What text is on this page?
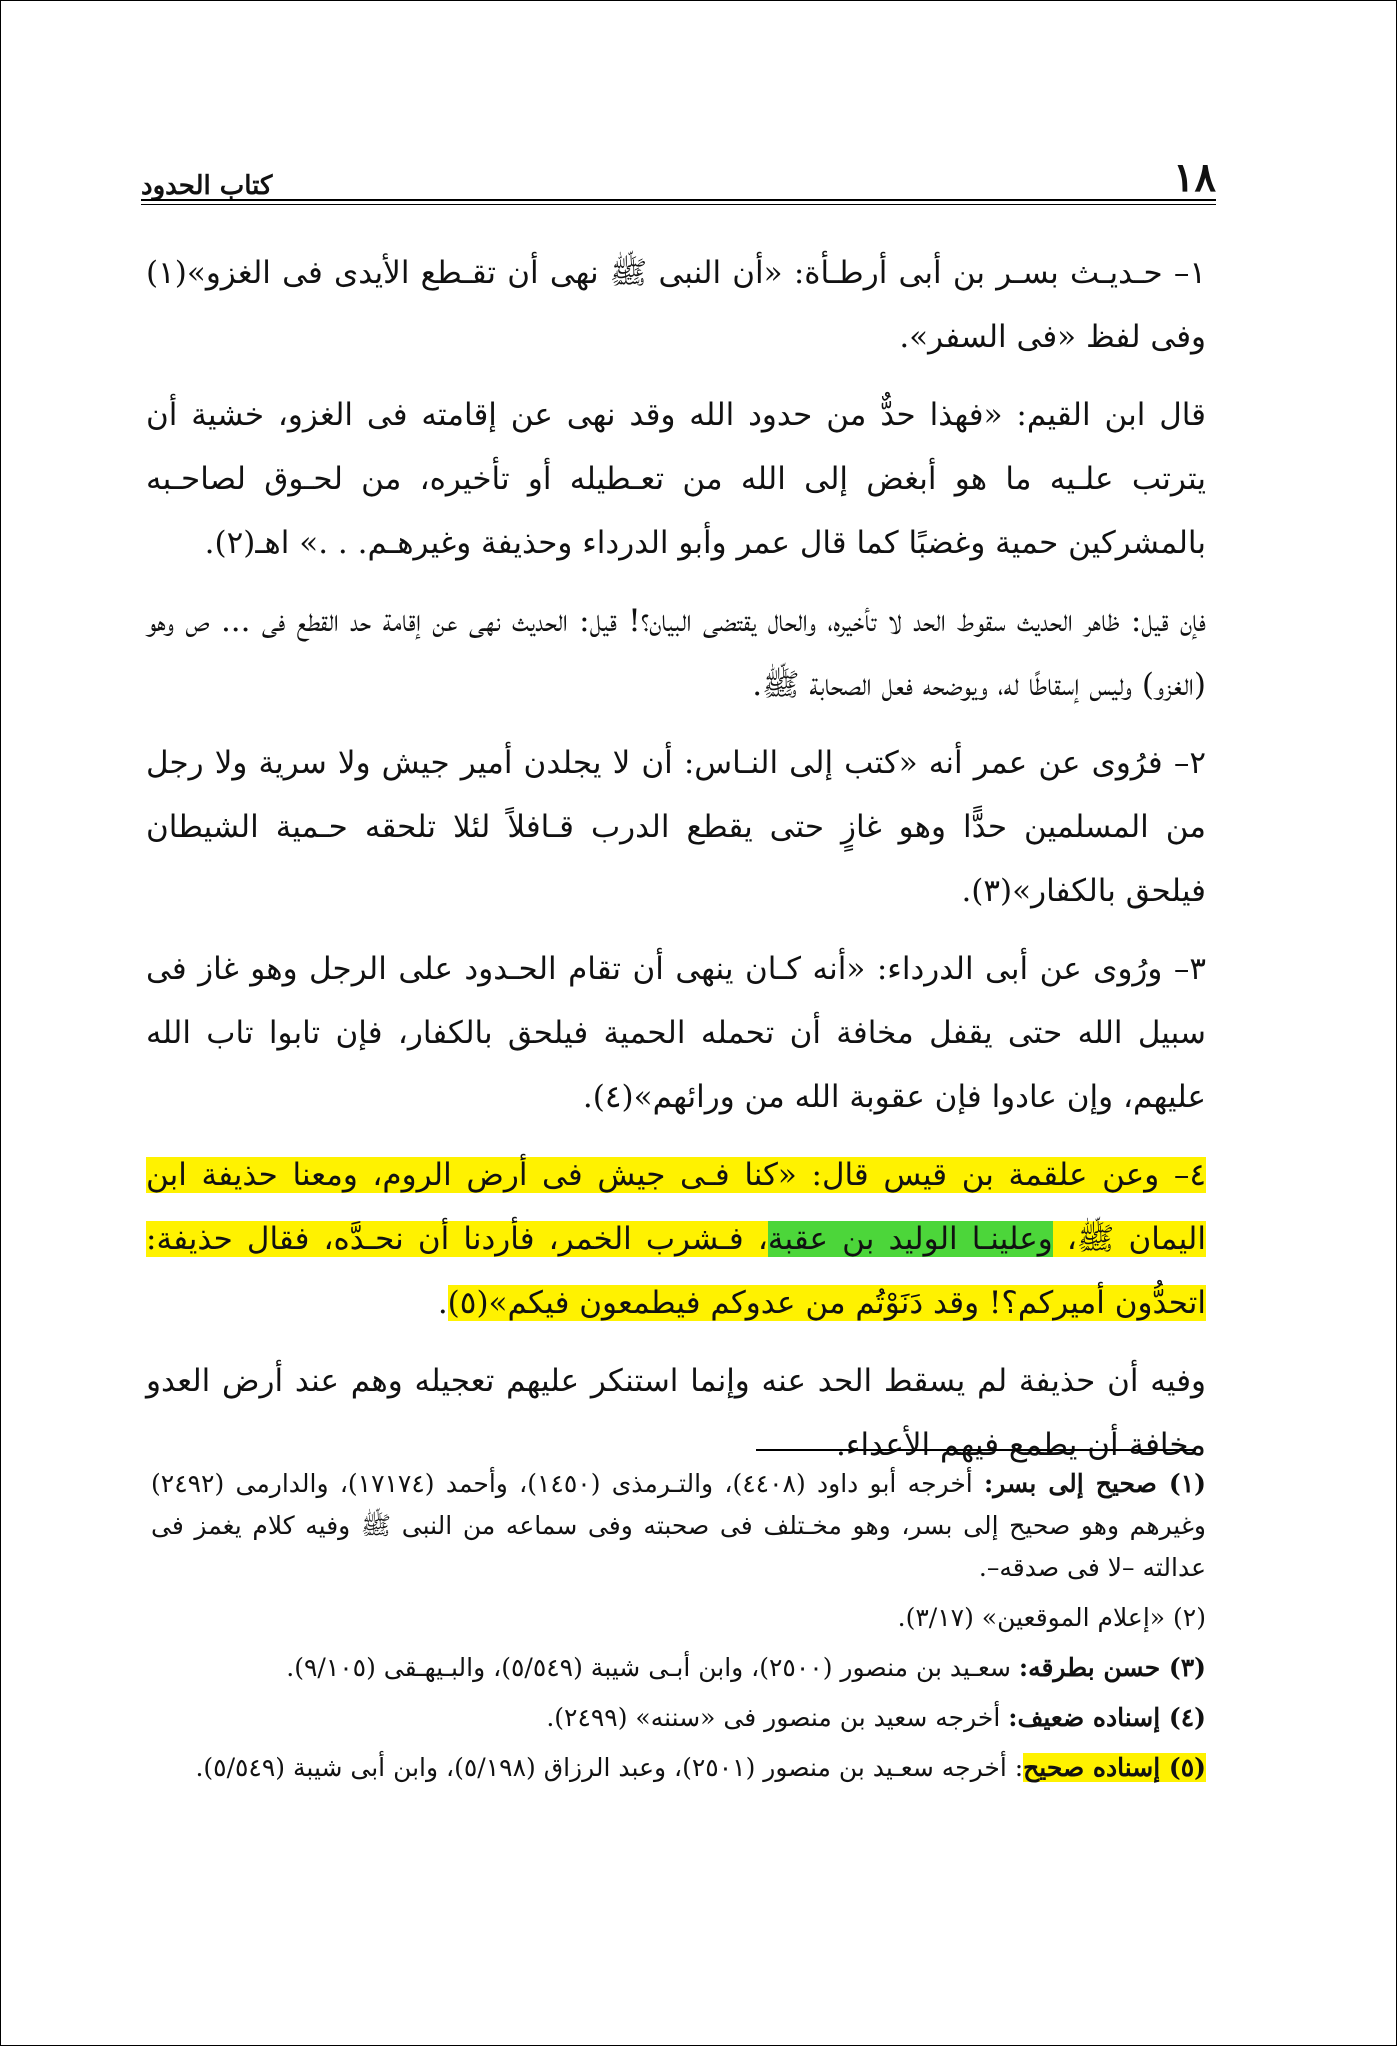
كتاب الحدود	١٨

١– حـديـث بسـر بن أبى أرطـأة: «أن النبى ﷺ نهى أن تقـطع الأيدى فى الغزو»(١) وفى لفظ «فى السفر».

قال ابن القيم: «فهذا حدٌّ من حدود الله وقد نهى عن إقامته فى الغزو، خشية أن يترتب علـيه ما هو أبغض إلى الله من تعـطيله أو تأخيره، من لحـوق لصاحـبه بالمشركين حمية وغضبًا كما قال عمر وأبو الدرداء وحذيفة وغيرهـم. . .» اهـ(٢).

فإن قيل: ظاهر الحديث سقوط الحد لا تأخيره، والحال يقتضى البيان؟! قيل: الحديث نهى عن إقامة حد القطع فى ... ص وهو (الغزو) وليس إسقاطًا له، ويوضحه فعل الصحابة ﷺ.

٢– فرُوى عن عمر أنه «كتب إلى النـاس: أن لا يجلدن أمير جيش ولا سرية ولا رجل من المسلمين حدًّا وهو غازٍ حتى يقطع الدرب قـافلاً لئلا تلحقه حـمية الشيطان فيلحق بالكفار»(٣).

٣– ورُوى عن أبى الدرداء: «أنه كـان ينهى أن تقام الحـدود على الرجل وهو غاز فى سبيل الله حتى يقفل مخافة أن تحمله الحمية فيلحق بالكفار، فإن تابوا تاب الله عليهم، وإن عادوا فإن عقوبة الله من ورائهم»(٤).

٤– وعن علقمة بن قيس قال: «كنا فـى جيش فى أرض الروم، ومعنا حذيفة ابن اليمان ﷺ، وعلينـا الوليد بن عقبة، فـشرب الخمر، فأردنا أن نحـدَّه، فقال حذيفة: اتحدُّون أميركم؟! وقد دَنَوْتُم من عدوكم فيطمعون فيكم»(٥).

وفيه أن حذيفة لم يسقط الحد عنه وإنما استنكر عليهم تعجيله وهم عند أرض العدو مخافة أن يطمع فيهم الأعداء.

(١) صحيح إلى بسر: أخرجه أبو داود (٤٤٠٨)، والتـرمذى (١٤٥٠)، وأحمد (١٧١٧٤)، والدارمى (٢٤٩٢) وغيرهم وهو صحيح إلى بسر، وهو مخـتلف فى صحبته وفى سماعه من النبى ﷺ وفيه كلام يغمز فى عدالته –لا فى صدقه–.
(٢) «إعلام الموقعين» (٣/١٧).
(٣) حسن بطرقه: سعـيد بن منصور (٢٥٠٠)، وابن أبـى شيبة (٥/٥٤٩)، والبـيهـقى (٩/١٠٥).
(٤) إسناده ضعيف: أخرجه سعيد بن منصور فى «سننه» (٢٤٩٩).
(٥) إسناده صحيح: أخرجه سعـيد بن منصور (٢٥٠١)، وعبد الرزاق (٥/١٩٨)، وابن أبى شيبة (٥/٥٤٩).
